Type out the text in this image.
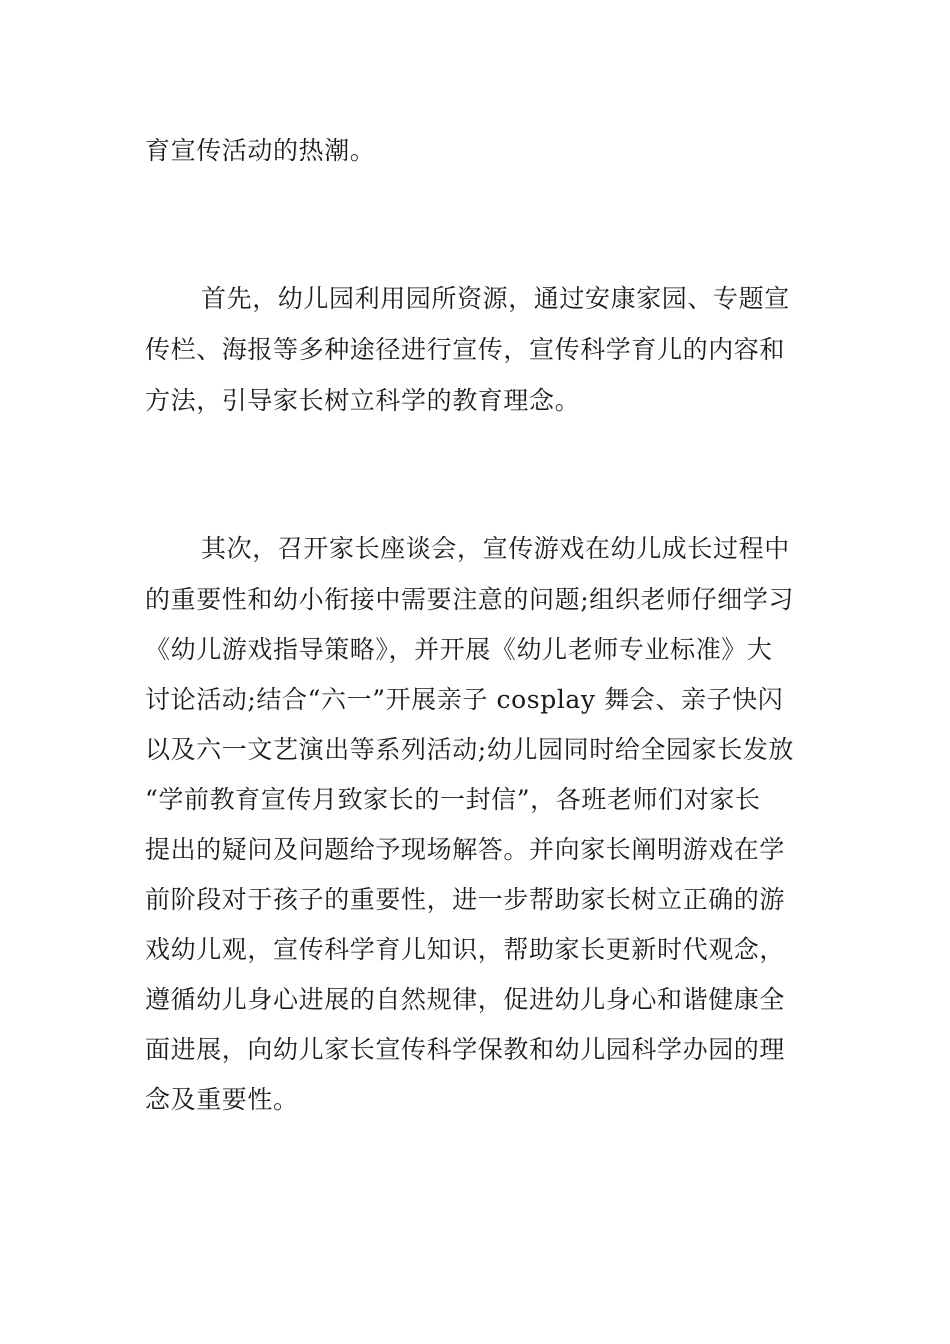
育宣传活动的热潮。
首先，幼儿园利用园所资源，通过安康家园、专题宣
传栏、海报等多种途径进行宣传，宣传科学育儿的内容和
方法，引导家长树立科学的教育理念。
其次，召开家长座谈会，宣传游戏在幼儿成长过程中
的重要性和幼小衔接中需要注意的问题;组织老师仔细学习
《幼儿游戏指导策略》，并开展《幼儿老师专业标准》大
讨论活动;结合“六一”开展亲子 cosplay 舞会、亲子快闪
以及六一文艺演出等系列活动;幼儿园同时给全园家长发放
“学前教育宣传月致家长的一封信”，各班老师们对家长
提出的疑问及问题给予现场解答。并向家长阐明游戏在学
前阶段对于孩子的重要性，进一步帮助家长树立正确的游
戏幼儿观，宣传科学育儿知识，帮助家长更新时代观念，
遵循幼儿身心进展的自然规律，促进幼儿身心和谐健康全
面进展，向幼儿家长宣传科学保教和幼儿园科学办园的理
念及重要性。
